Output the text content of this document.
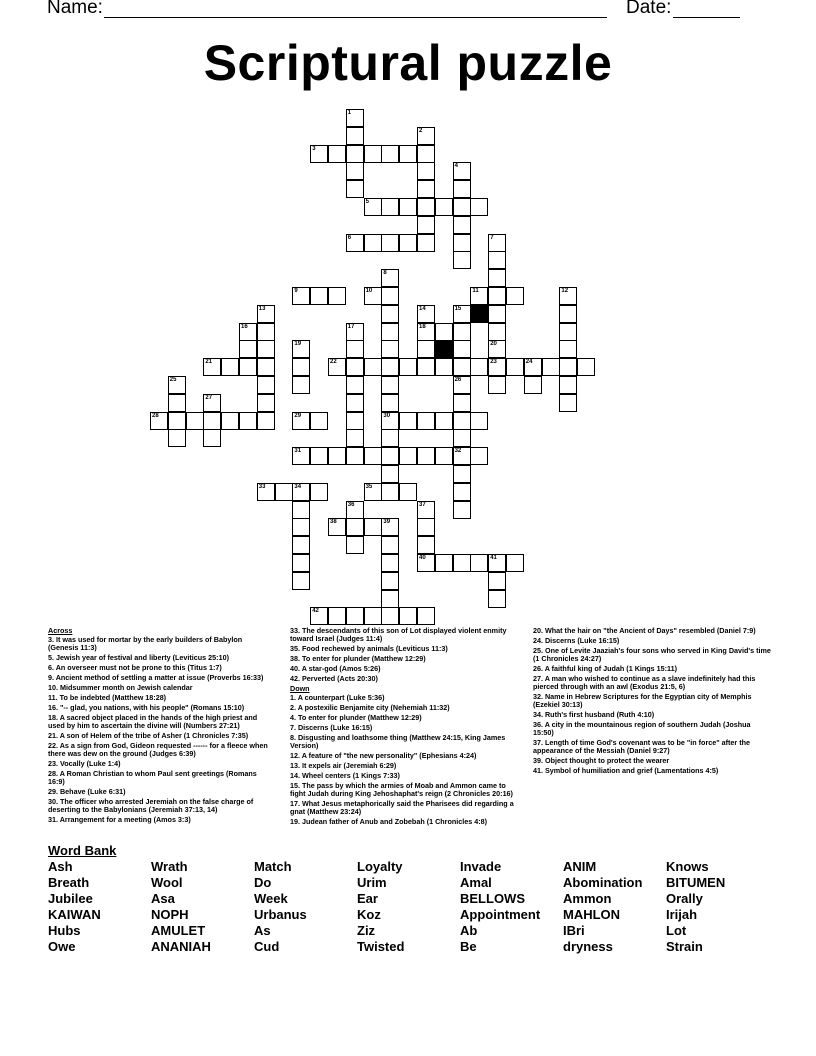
Name:	Date:
Scriptural puzzle
1
2
3
4
5
6	7
20
23
8
30
9	10	11	12
13	14
18
15
26
32
16	17
19
21	22	24
25
27
28	29
31
33	34	35
36	37
38	39
40	41
42
Across
3. It was used for mortar by the early builders of Babylon (Genesis 11:3)
5. Jewish year of festival and liberty (Leviticus 25:10)
6. An overseer must not be prone to this (Titus 1:7)
9. Ancient method of settling a matter at issue (Proverbs 16:33)
10. Midsummer month on Jewish calendar
11. To be indebted (Matthew 18:28)
16. "-- glad, you nations, with his people" (Romans 15:10)
18. A sacred object placed in the hands of the high priest and used by him to ascertain the divine will (Numbers 27:21)
21. A son of Helem of the tribe of Asher (1 Chronicles 7:35)
22. As a sign from God, Gideon requested ------ for a fleece when there was dew on the ground (Judges 6:39)
23. Vocally (Luke 1:4)
28. A Roman Christian to whom Paul sent greetings (Romans 16:9)
29. Behave (Luke 6:31)
30. The officer who arrested Jeremiah on the false charge of deserting to the Babylonians (Jeremiah 37:13, 14)
31. Arrangement for a meeting (Amos 3:3)
33. The descendants of this son of Lot displayed violent enmity toward Israel (Judges 11:4)
35. Food rechewed by animals (Leviticus 11:3)
38. To enter for plunder (Matthew 12:29)
40. A star-god (Amos 5:26)
42. Perverted (Acts 20:30)
Down
1. A counterpart (Luke 5:36)
2. A postexilic Benjamite city (Nehemiah 11:32)
4. To enter for plunder (Matthew 12:29)
7. Discerns (Luke 16:15)
8. Disgusting and loathsome thing (Matthew 24:15, King James Version)
12. A feature of "the new personality" (Ephesians 4:24)
13. It expels air (Jeremiah 6:29)
14. Wheel centers (1 Kings 7:33)
15. The pass by which the armies of Moab and Ammon came to fight Judah during King Jehoshaphat's reign (2 Chronicles 20:16)
17. What Jesus metaphorically said the Pharisees did regarding a gnat (Matthew 23:24)
19. Judean father of Anub and Zobebah (1 Chronicles 4:8)
20. What the hair on "the Ancient of Days" resembled (Daniel 7:9)
24. Discerns (Luke 16:15)
25. One of Levite Jaaziah's four sons who served in King David's time (1 Chronicles 24:27)
26. A faithful king of Judah (1 Kings 15:11)
27. A man who wished to continue as a slave indefinitely had this pierced through with an awl (Exodus 21:5, 6)
32. Name in Hebrew Scriptures for the Egyptian city of Memphis (Ezekiel 30:13)
34. Ruth's first husband (Ruth 4:10)
36. A city in the mountainous region of southern Judah (Joshua 15:50)
37. Length of time God's covenant was to be "in force" after the appearance of the Messiah (Daniel 9:27)
39. Object thought to protect the wearer
41. Symbol of humiliation and grief (Lamentations 4:5)
Word Bank
Ash	Wrath	Match	Loyalty	Invade	ANIM	Knows
Breath	Wool	Do	Urim	Amal	Abomination	BITUMEN
Jubilee	Asa	Week	Ear	BELLOWS	Ammon	Orally
KAIWAN	NOPH	Urbanus	Koz	Appointment	MAHLON	Irijah
Hubs	AMULET	As	Ziz	Ab	IBri	Lot
Owe	ANANIAH	Cud	Twisted	Be	dryness	Strain
